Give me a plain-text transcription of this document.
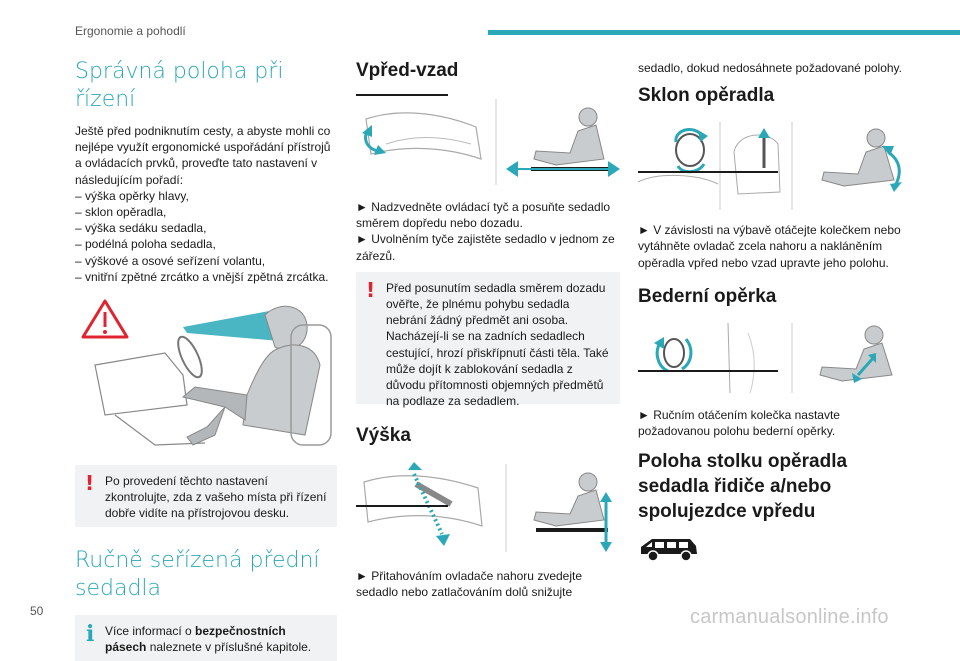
Ergonomie a pohodlí
Správná poloha při řízení

Ještě před podniknutím cesty, a abyste mohli co nejlépe využít ergonomické uspořádání přístrojů a ovládacích prvků, proveďte tato nastavení v následujícím pořadí:

– výška opěrky hlavy,
– sklon opěradla,
– výška sedáku sedadla,
– podélná poloha sedadla,
– výškové a osové seřízení volantu,
– vnitřní zpětné zrcátko a vnější zpětná zrcátka.
! Po provedení těchto nastavení zkontrolujte, zda z vašeho místa při řízení dobře vidíte na přístrojovou desku.
Ručně seřízená přední sedadla
i Více informací o bezpečnostních pásech naleznete v příslušné kapitole.
Vpřed-vzad

► Nadzvedněte ovládací tyč a posuňte sedadlo směrem dopředu nebo dozadu.
► Uvolněním tyče zajistěte sedadlo v jednom ze zářezů.

! Před posunutím sedadla směrem dozadu ověřte, že plnému pohybu sedadla nebrání žádný předmět ani osoba. Nacházejí-li se na zadních sedadlech cestující, hrozí přiskřípnutí části těla. Také může dojít k zablokování sedadla z důvodu přítomnosti objemných předmětů na podlaze za sedadlem.
Výška

► Přitahováním ovladače nahoru zvedejte sedadlo nebo zatlačováním dolů snižujte

sedadlo, dokud nedosáhnete požadované polohy.

Sklon opěradla

► V závislosti na výbavě otáčejte kolečkem nebo vytáhněte ovladač zcela nahoru a nakláněním opěradla vpřed nebo vzad upravte jeho polohu.

Bederní opěrka

► Ručním otáčením kolečka nastavte požadovanou polohu bederní opěrky.

Poloha stolku opěradla sedadla řidiče a/nebo spolujezdce vpředu
50	carmanualsonline.info
